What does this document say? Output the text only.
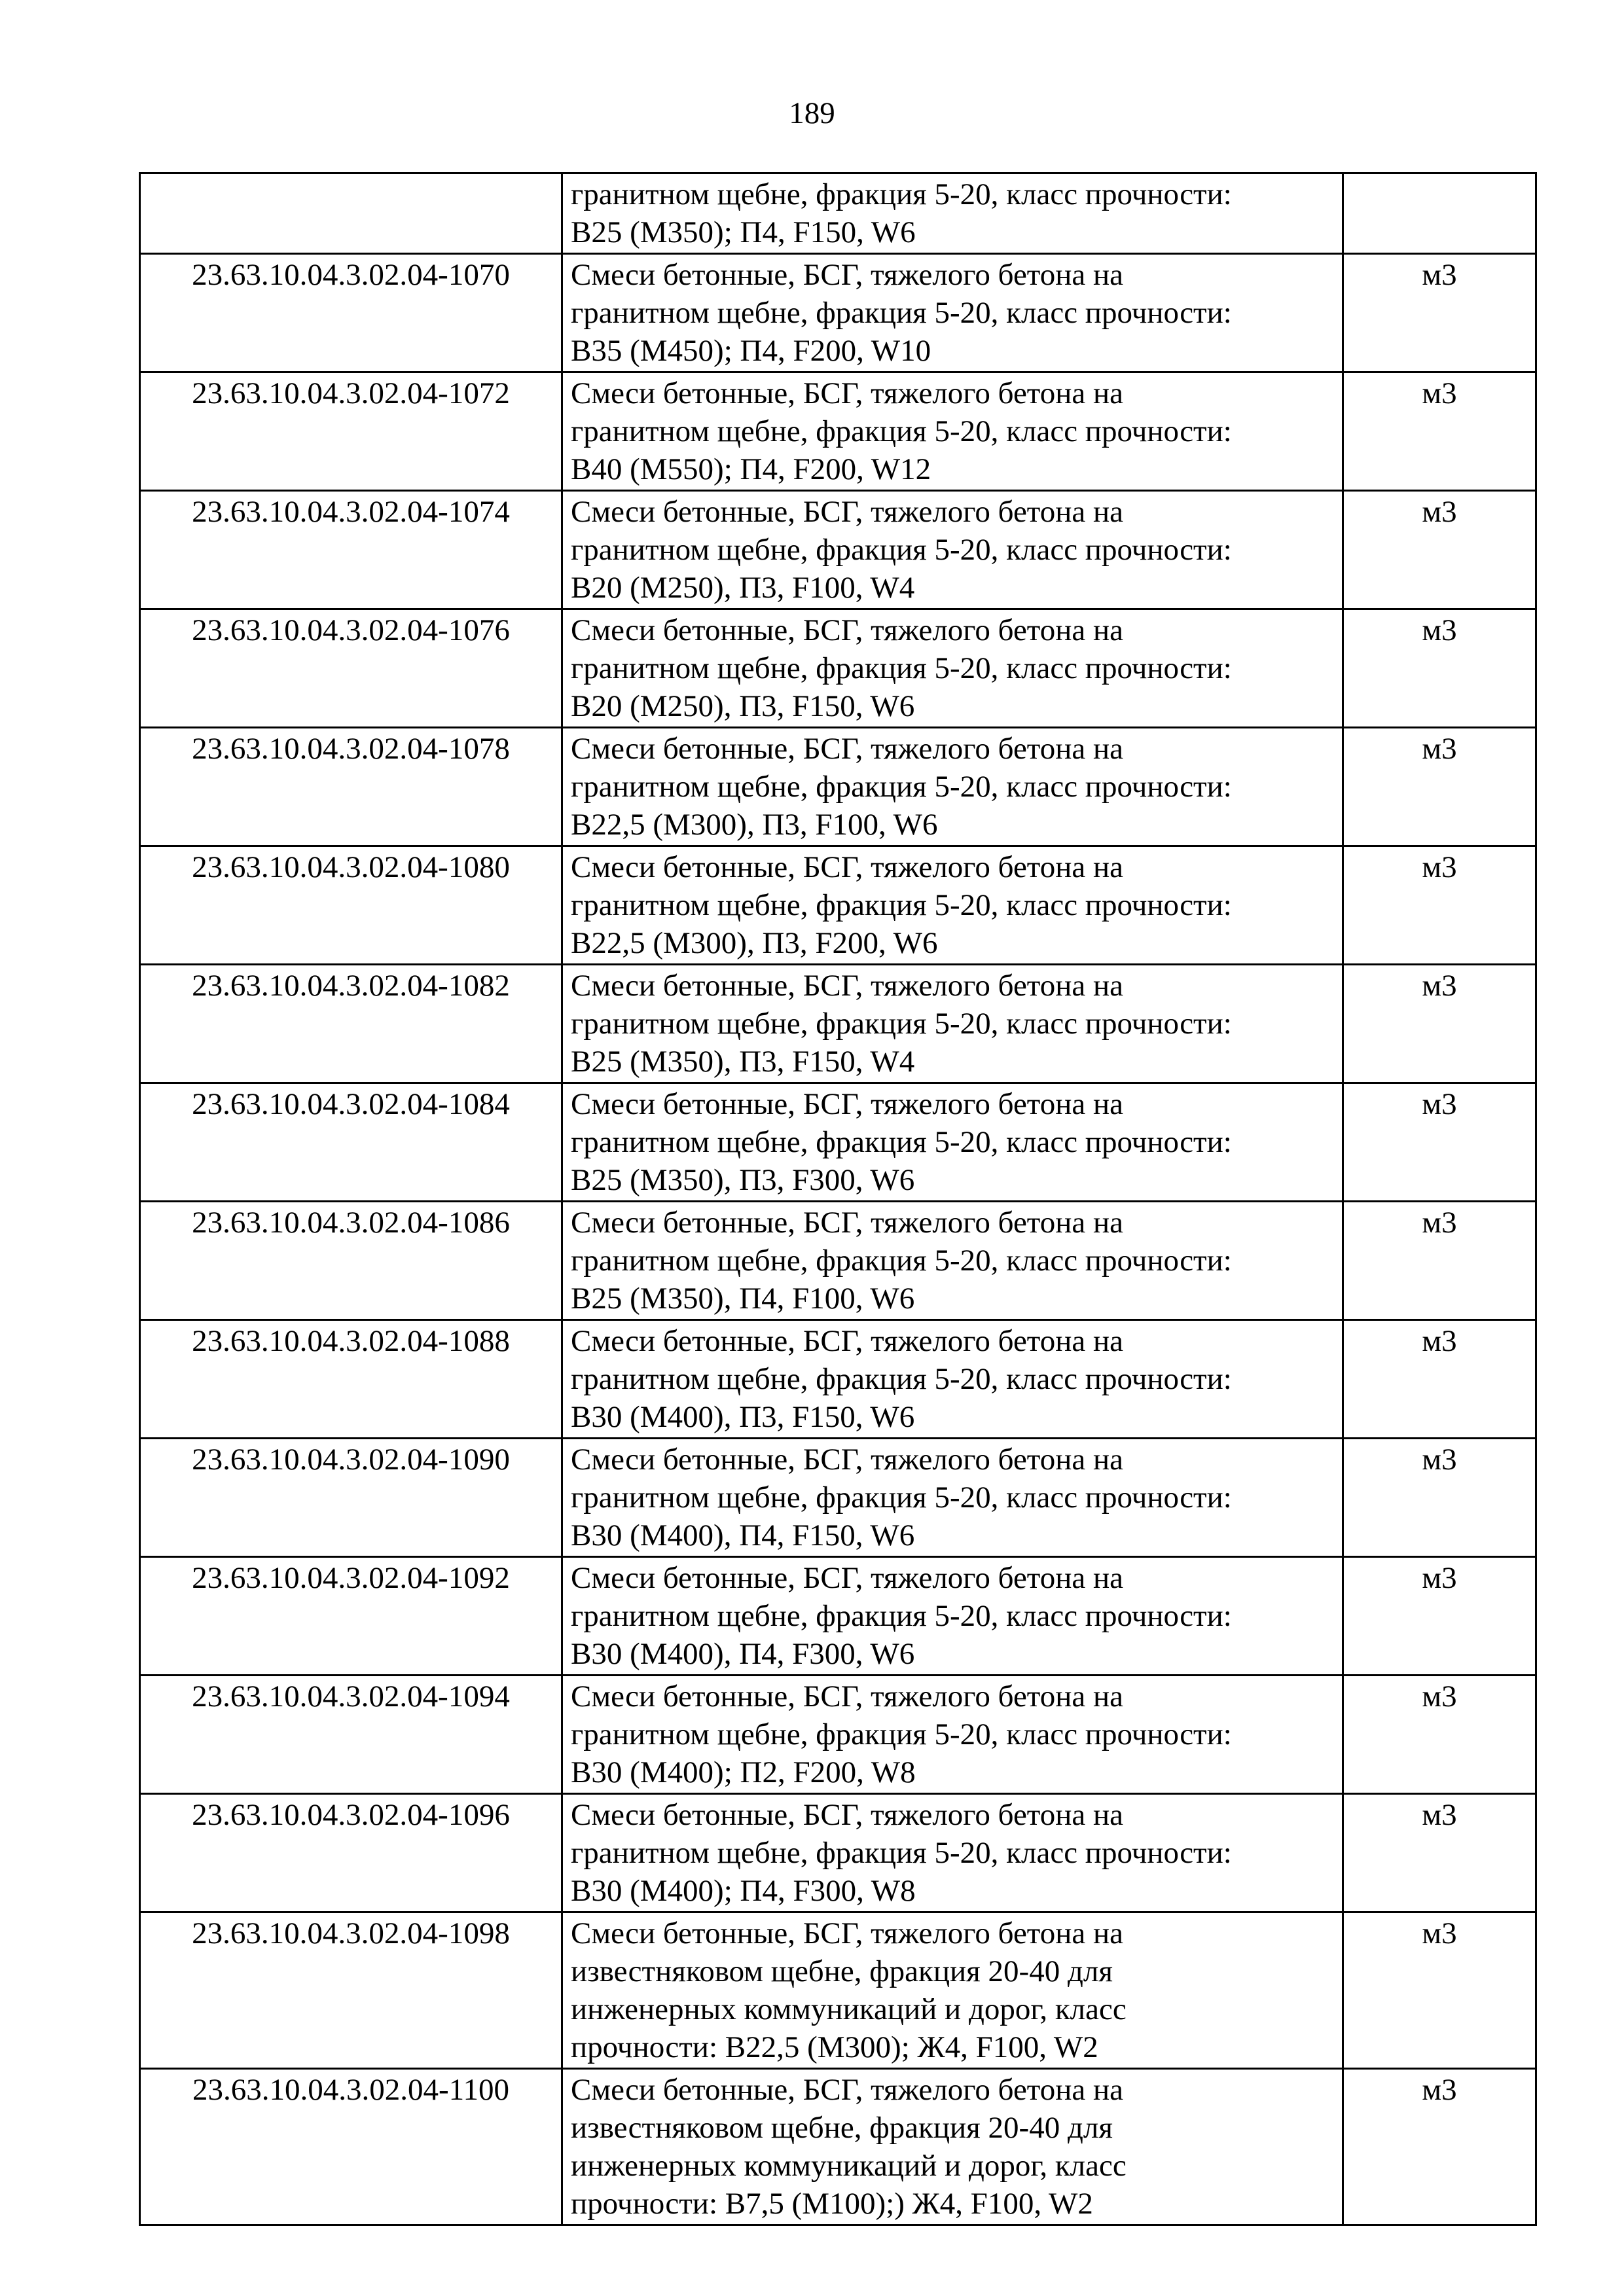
189
	гранитном щебне, фракция 5-20, класс прочности:
B25 (M350); П4, F150, W6	
23.63.10.04.3.02.04-1070	Смеси бетонные, БСГ, тяжелого бетона на
гранитном щебне, фракция 5-20, класс прочности:
B35 (M450); П4, F200, W10	м3
23.63.10.04.3.02.04-1072	Смеси бетонные, БСГ, тяжелого бетона на
гранитном щебне, фракция 5-20, класс прочности:
B40 (M550); П4, F200, W12	м3
23.63.10.04.3.02.04-1074	Смеси бетонные, БСГ, тяжелого бетона на
гранитном щебне, фракция 5-20, класс прочности:
B20 (M250), П3, F100, W4	м3
23.63.10.04.3.02.04-1076	Смеси бетонные, БСГ, тяжелого бетона на
гранитном щебне, фракция 5-20, класс прочности:
B20 (M250), П3, F150, W6	м3
23.63.10.04.3.02.04-1078	Смеси бетонные, БСГ, тяжелого бетона на
гранитном щебне, фракция 5-20, класс прочности:
B22,5 (M300), П3, F100, W6	м3
23.63.10.04.3.02.04-1080	Смеси бетонные, БСГ, тяжелого бетона на
гранитном щебне, фракция 5-20, класс прочности:
B22,5 (M300), П3, F200, W6	м3
23.63.10.04.3.02.04-1082	Смеси бетонные, БСГ, тяжелого бетона на
гранитном щебне, фракция 5-20, класс прочности:
B25 (M350), П3, F150, W4	м3
23.63.10.04.3.02.04-1084	Смеси бетонные, БСГ, тяжелого бетона на
гранитном щебне, фракция 5-20, класс прочности:
B25 (M350), П3, F300, W6	м3
23.63.10.04.3.02.04-1086	Смеси бетонные, БСГ, тяжелого бетона на
гранитном щебне, фракция 5-20, класс прочности:
B25 (M350), П4, F100, W6	м3
23.63.10.04.3.02.04-1088	Смеси бетонные, БСГ, тяжелого бетона на
гранитном щебне, фракция 5-20, класс прочности:
B30 (M400), П3, F150, W6	м3
23.63.10.04.3.02.04-1090	Смеси бетонные, БСГ, тяжелого бетона на
гранитном щебне, фракция 5-20, класс прочности:
B30 (M400), П4, F150, W6	м3
23.63.10.04.3.02.04-1092	Смеси бетонные, БСГ, тяжелого бетона на
гранитном щебне, фракция 5-20, класс прочности:
B30 (M400), П4, F300, W6	м3
23.63.10.04.3.02.04-1094	Смеси бетонные, БСГ, тяжелого бетона на
гранитном щебне, фракция 5-20, класс прочности:
B30 (M400); П2, F200, W8	м3
23.63.10.04.3.02.04-1096	Смеси бетонные, БСГ, тяжелого бетона на
гранитном щебне, фракция 5-20, класс прочности:
B30 (M400); П4, F300, W8	м3
23.63.10.04.3.02.04-1098	Смеси бетонные, БСГ, тяжелого бетона на
известняковом щебне, фракция 20-40 для
инженерных коммуникаций и дорог, класс
прочности: B22,5 (M300); Ж4, F100, W2	м3
23.63.10.04.3.02.04-1100	Смеси бетонные, БСГ, тяжелого бетона на
известняковом щебне, фракция 20-40 для
инженерных коммуникаций и дорог, класс
прочности: B7,5 (M100);) Ж4, F100, W2	м3
